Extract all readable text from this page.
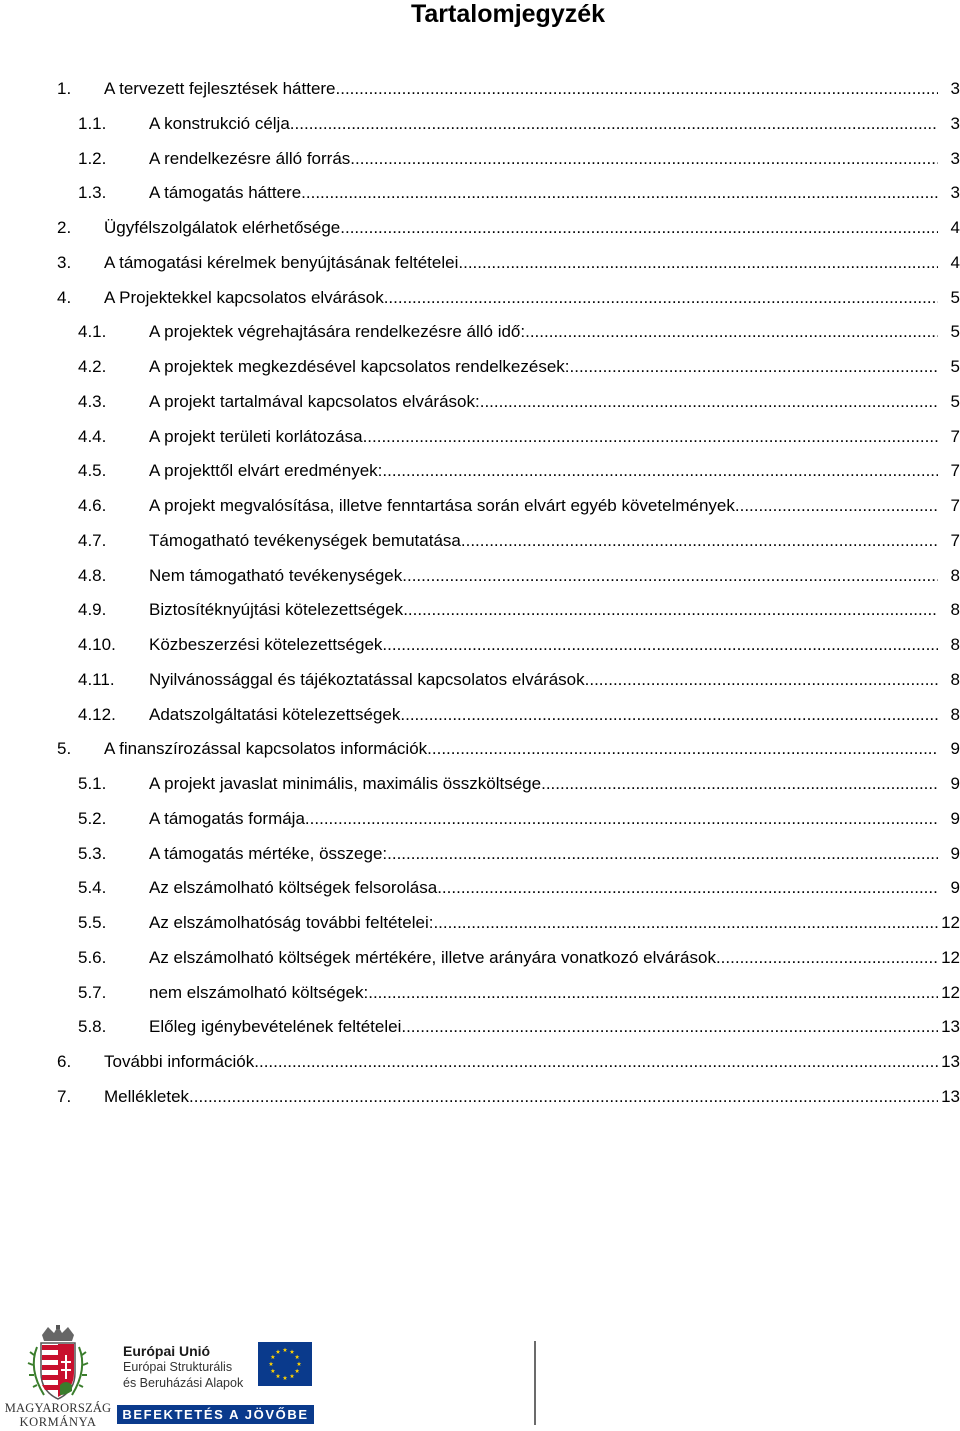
Tartalomjegyzék
1. A tervezett fejlesztések háttere .....	3
1.1.	A konstrukció célja .....	3
1.2.	A rendelkezésre álló forrás .....	3
1.3.	A támogatás háttere .....	3
2. Ügyfélszolgálatok elérhetősége .....	4
3. A támogatási kérelmek benyújtásának feltételei .....	4
4. A Projektekkel kapcsolatos elvárások .....	5
4.1.	A projektek végrehajtására rendelkezésre álló idő: .....	5
4.2.	A projektek megkezdésével kapcsolatos rendelkezések: .....	5
4.3.	A projekt tartalmával kapcsolatos elvárások: .....	5
4.4.	A projekt területi korlátozása .....	7
4.5.	A projekttől elvárt eredmények: .....	7
4.6.	A projekt megvalósítása, illetve fenntartása során elvárt egyéb követelmények .....	7
4.7.	Támogatható tevékenységek bemutatása .....	7
4.8.	Nem támogatható tevékenységek .....	8
4.9.	Biztosítéknyújtási kötelezettségek .....	8
4.10. Közbeszerzési kötelezettségek .....	8
4.11. Nyilvánossággal és tájékoztatással kapcsolatos elvárások .....	8
4.12. Adatszolgáltatási kötelezettségek .....	8
5. A finanszírozással kapcsolatos információk .....	9
5.1.	A projekt javaslat minimális, maximális összköltsége .....	9
5.2.	A támogatás formája .....	9
5.3.	A támogatás mértéke, összege: .....	9
5.4.	Az elszámolható költségek felsorolása .....	9
5.5.	Az elszámolhatóság további feltételei: .....	12
5.6.	Az elszámolható költségek mértékére, illetve arányára vonatkozó elvárások .....	12
5.7.	nem elszámolható költségek: .....	12
5.8.	Előleg igénybevételének feltételei .....	13
6. További információk .....	13
7. Mellékletek .....	13
MAGYARORSZÁG
KORMÁNYA
Európai Unió
Európai Strukturális
és Beruházási Alapok
BEFEKTETÉS A JÖVŐBE
